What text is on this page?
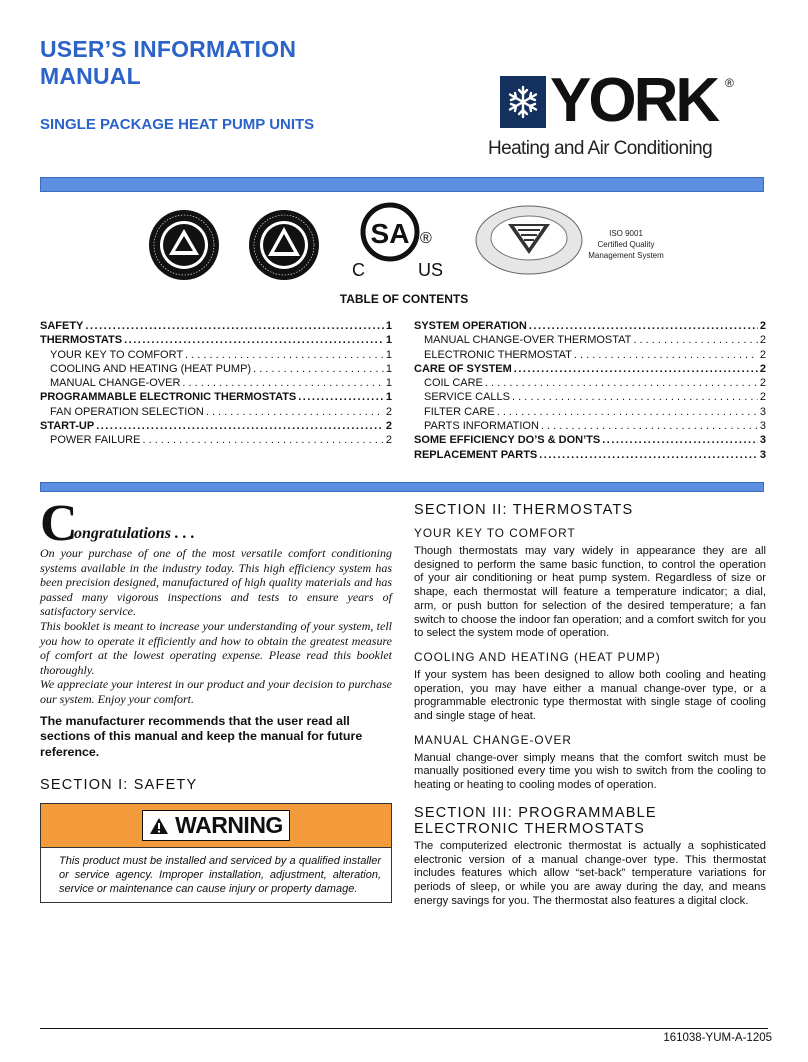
USER’S INFORMATION
MANUAL
SINGLE PACKAGE HEAT PUMP UNITS	YORK ®
Heating and Air Conditioning
SA ®
C	US
ISO 9001
Certified Quality
Management System
TABLE OF CONTENTS
SAFETY .....	1
THERMOSTATS .....	1
YOUR KEY TO COMFORT . . .	1
COOLING AND HEATING (HEAT PUMP) . . .	1
MANUAL CHANGE-OVER . . .	1
PROGRAMMABLE ELECTRONIC THERMOSTATS .....	1
FAN OPERATION SELECTION . . .	2
START-UP .....	2
POWER FAILURE . . .	2
SYSTEM OPERATION .....	2
MANUAL CHANGE-OVER THERMOSTAT . . .	2
ELECTRONIC THERMOSTAT . . .	2
CARE OF SYSTEM .....	2
COIL CARE . . .	2
SERVICE CALLS . . .	2
FILTER CARE . . .	3
PARTS INFORMATION . . .	3
SOME EFFICIENCY DO’S & DON’TS .....	3
REPLACEMENT PARTS .....	3
C
ongratulations . . .

On your purchase of one of the most versatile comfort conditioning systems available in the industry today. This high efficiency system has been precision designed, manufactured of high quality materials and has passed many vigorous inspections and tests to ensure years of satisfactory service.

This booklet is meant to increase your understanding of your system, tell you how to operate it efficiently and how to obtain the greatest measure of comfort at the lowest operating expense. Please read this booklet thoroughly.

We appreciate your interest in our product and your decision to purchase our system. Enjoy your comfort.

The manufacturer recommends that the user read all sections of this manual and keep the manual for future reference.

SECTION I: SAFETY
WARNING
This product must be installed and serviced by a qualified installer or service agency. Improper installation, adjustment, alteration, service or maintenance can cause injury or property damage.
SECTION II: THERMOSTATS
YOUR KEY TO COMFORT

Though thermostats may vary widely in appearance they are all designed to perform the same basic function, to control the operation of your air conditioning or heat pump system. Regardless of size or shape, each thermostat will feature a temperature indicator; a dial, arm, or push button for selection of the desired temperature; a fan switch to choose the indoor fan operation; and a comfort switch for you to select the system mode of operation.

COOLING AND HEATING (HEAT PUMP)

If your system has been designed to allow both cooling and heating operation, you may have either a manual change-over type, or a programmable electronic type thermostat with single stage of cooling and single stage of heat.

MANUAL CHANGE-OVER

Manual change-over simply means that the comfort switch must be manually positioned every time you wish to switch from the cooling to heating or heating to cooling modes of operation.

SECTION III: PROGRAMMABLE
ELECTRONIC THERMOSTATS

The computerized electronic thermostat is actually a sophisticated electronic version of a manual change-over type. This thermostat includes features which allow “set-back” temperature variations for periods of sleep, or while you are away during the day, and means energy savings for you. The thermostat also features a digital clock.

161038-YUM-A-1205
